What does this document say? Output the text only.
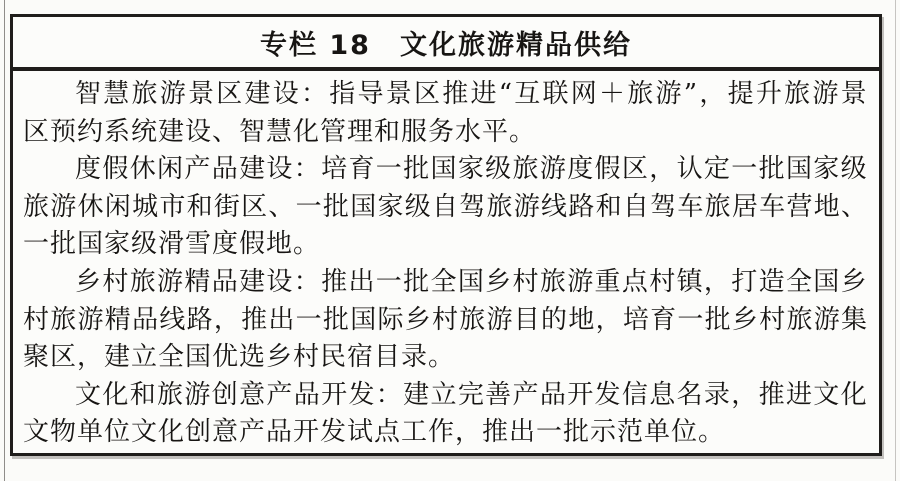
专栏 18　文化旅游精品供给

智 慧 旅 游 景 区 建 设 ： 指 导 景 区 推 进 “ 互 联 网 ＋ 旅 游 ” ， 提 升 旅 游 景
区预约系统建设、智慧化管理和服务水平。

度 假 休 闲 产 品 建 设 ： 培 育 一 批 国 家 级 旅 游 度 假 区 ， 认 定 一 批 国 家 级
旅 游 休 闲 城 市 和 街 区 、 一 批 国 家 级 自 驾 旅 游 线 路 和 自 驾 车 旅 居 车 营 地 、
一批国家级滑雪度假地。

乡 村 旅 游 精 品 建 设 ： 推 出 一 批 全 国 乡 村 旅 游 重 点 村 镇 ， 打 造 全 国 乡
村 旅 游 精 品 线 路 ， 推 出 一 批 国 际 乡 村 旅 游 目 的 地 ， 培 育 一 批 乡 村 旅 游 集
聚区，建立全国优选乡村民宿目录。

文 化 和 旅 游 创 意 产 品 开 发 ： 建 立 完 善 产 品 开 发 信 息 名 录 ， 推 进 文 化
文物单位文化创意产品开发试点工作，推出一批示范单位。
